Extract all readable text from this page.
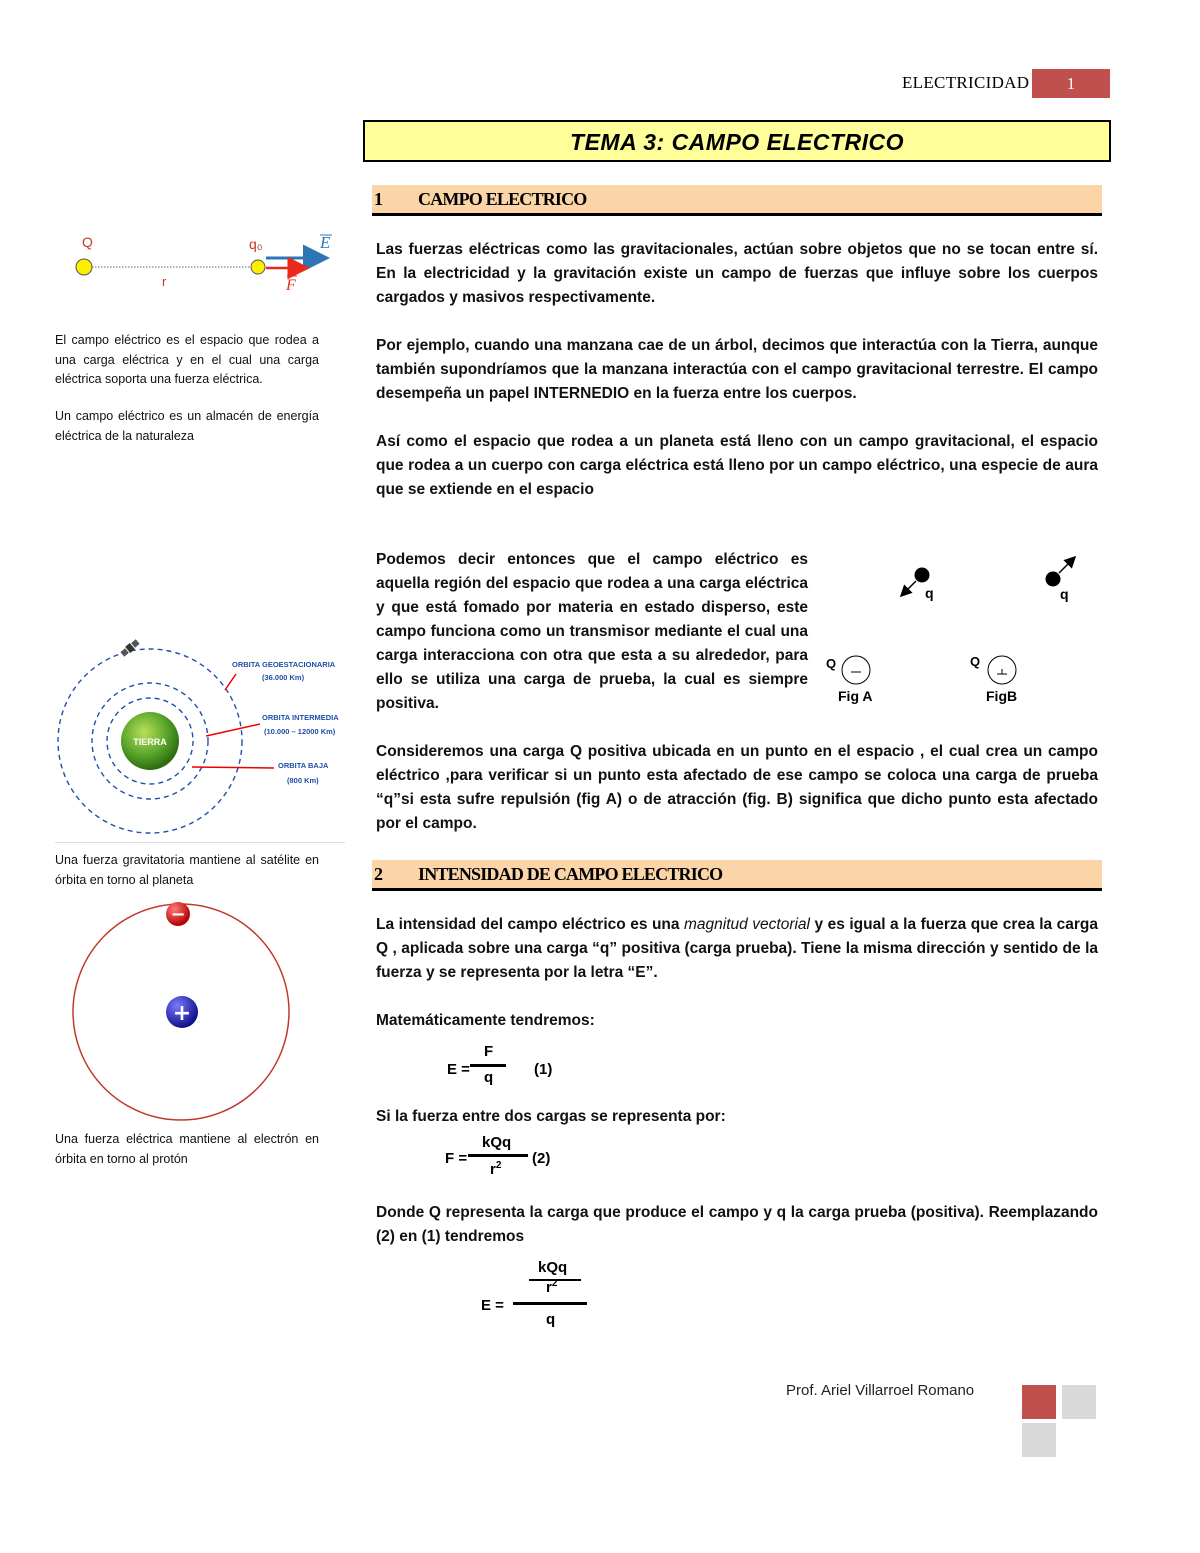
ELECTRICIDAD	1
TEMA 3: CAMPO ELECTRICO
1 CAMPO ELECTRICO
Las fuerzas eléctricas como las gravitacionales, actúan sobre objetos que no se tocan entre sí. En la electricidad y la gravitación existe un campo de fuerzas que influye sobre los cuerpos cargados y masivos respectivamente.
Por ejemplo, cuando una manzana cae de un árbol, decimos que interactúa con la Tierra, aunque también supondríamos que la manzana interactúa con el campo gravitacional terrestre. El campo desempeña un papel INTERNEDIO en la fuerza entre los cuerpos.
Así como el espacio que rodea a un planeta está lleno con un campo gravitacional, el espacio que rodea a un cuerpo con carga eléctrica está lleno por un campo eléctrico, una especie de aura que se extiende en el espacio
Podemos decir entonces que el campo eléctrico es aquella región del espacio que rodea a una carga eléctrica y que está fomado por materia en estado disperso, este campo funciona como un transmisor mediante el cual una carga interacciona con otra que esta a su alrededor, para ello se utiliza una carga de prueba, la cual es siempre positiva.
Consideremos una carga Q positiva ubicada en un punto en el espacio , el cual crea un campo eléctrico ,para verificar si un punto esta afectado de ese campo se coloca una carga de prueba “q”si esta sufre repulsión (fig A) o de atracción (fig. B) significa que dicho punto esta afectado por el campo.
q	q
Q
Fig A
Q
FigB
2 INTENSIDAD DE CAMPO ELECTRICO
La intensidad del campo eléctrico es una magnitud vectorial y es igual a la fuerza que crea la carga Q , aplicada sobre una carga “q” positiva (carga prueba). Tiene la misma dirección y sentido de la fuerza y se representa por la letra “E”.
Matemáticamente tendremos:
E =
F
q	(1)
Si la fuerza entre dos cargas se representa por:
F =
kQq
$r^2$ (2)
Donde Q representa la carga que produce el campo y q la carga prueba (positiva). Reemplazando (2) en (1) tendremos
E =
kQq
$r^2$
q
Q	q₀	E
F
r
El campo eléctrico es el espacio que rodea a una carga eléctrica y en el cual una carga eléctrica soporta una fuerza eléctrica.
Un campo eléctrico es un almacén de energía eléctrica de la naturaleza
TIERRA
ORBITA GEOESTACIONARIA
(36.000 Km)
ORBITA INTERMEDIA
(10.000 – 12000 Km)
ORBITA BAJA
(800 Km)
Una fuerza gravitatoria mantiene al satélite en órbita en torno al planeta
−
+
Una fuerza eléctrica mantiene al electrón en órbita en torno al protón
Prof. Ariel Villarroel Romano
